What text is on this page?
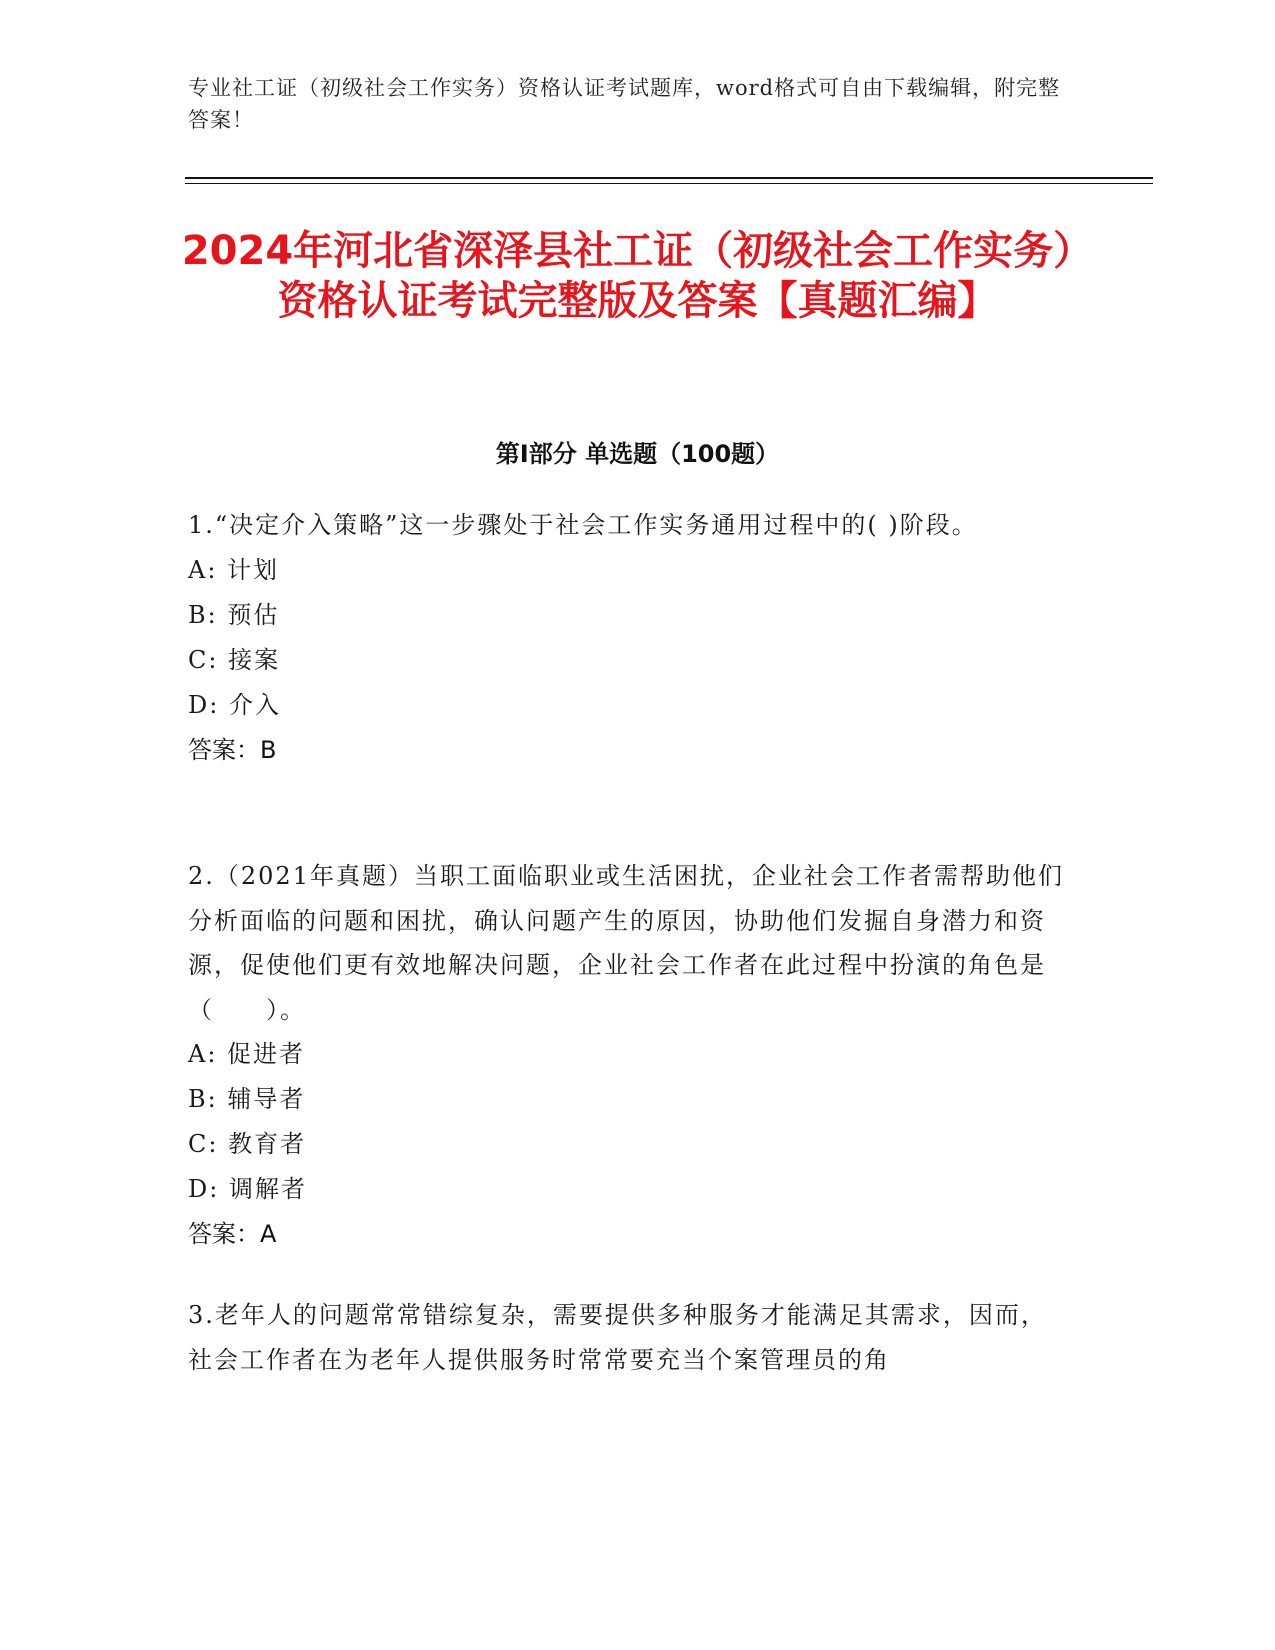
专业社工证（初级社会工作实务）资格认证考试题库，word格式可自由下载编辑，附完整答案！
2024年河北省深泽县社工证（初级社会工作实务）资格认证考试完整版及答案【真题汇编】
第I部分 单选题（100题）

1.“决定介入策略”这一步骤处于社会工作实务通用过程中的( )阶段。

A: 计划

B: 预估

C: 接案

D: 介入

答案：B

2.（2021年真题）当职工面临职业或生活困扰，企业社会工作者需帮助他们分析面临的问题和困扰，确认问题产生的原因，协助他们发掘自身潜力和资源，促使他们更有效地解决问题，企业社会工作者在此过程中扮演的角色是（　　）。

A: 促进者

B: 辅导者

C: 教育者

D: 调解者

答案：A

3.老年人的问题常常错综复杂，需要提供多种服务才能满足其需求，因而，社会工作者在为老年人提供服务时常常要充当个案管理员的角
